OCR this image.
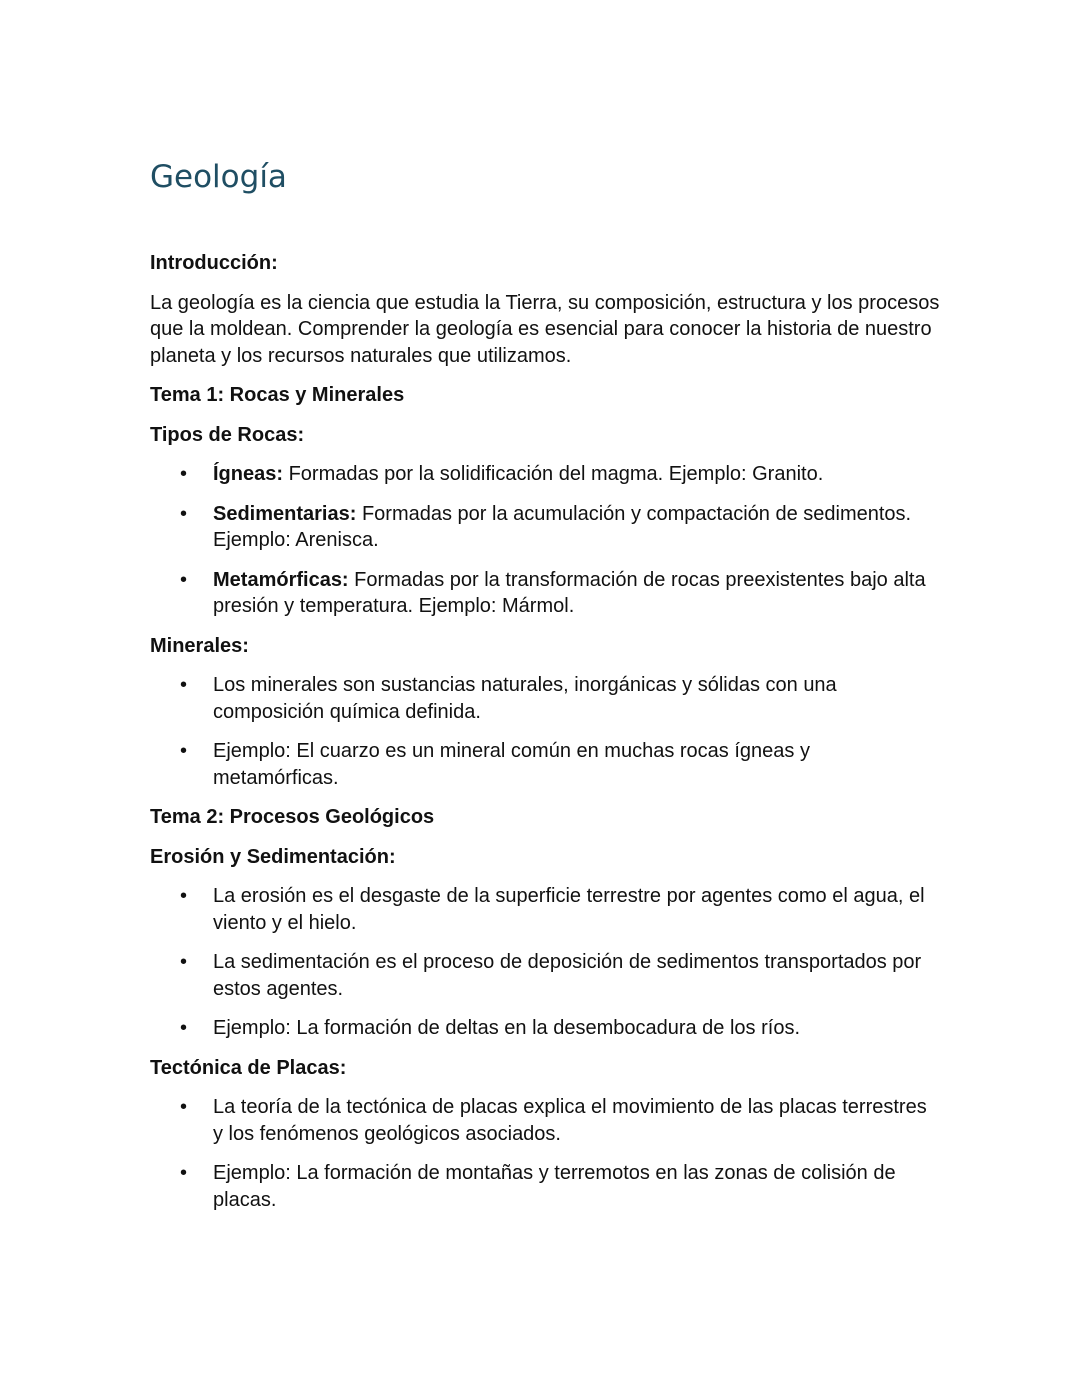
Geología

Introducción:

La geología es la ciencia que estudia la Tierra, su composición, estructura y los procesos que la moldean. Comprender la geología es esencial para conocer la historia de nuestro planeta y los recursos naturales que utilizamos.

Tema 1: Rocas y Minerales

Tipos de Rocas:

• Ígneas: Formadas por la solidificación del magma. Ejemplo: Granito.
• Sedimentarias: Formadas por la acumulación y compactación de sedimentos. Ejemplo: Arenisca.
• Metamórficas: Formadas por la transformación de rocas preexistentes bajo alta presión y temperatura. Ejemplo: Mármol.

Minerales:

• Los minerales son sustancias naturales, inorgánicas y sólidas con una composición química definida.
• Ejemplo: El cuarzo es un mineral común en muchas rocas ígneas y metamórficas.

Tema 2: Procesos Geológicos

Erosión y Sedimentación:

• La erosión es el desgaste de la superficie terrestre por agentes como el agua, el viento y el hielo.
• La sedimentación es el proceso de deposición de sedimentos transportados por estos agentes.
• Ejemplo: La formación de deltas en la desembocadura de los ríos.

Tectónica de Placas:

• La teoría de la tectónica de placas explica el movimiento de las placas terrestres y los fenómenos geológicos asociados.
• Ejemplo: La formación de montañas y terremotos en las zonas de colisión de placas.
